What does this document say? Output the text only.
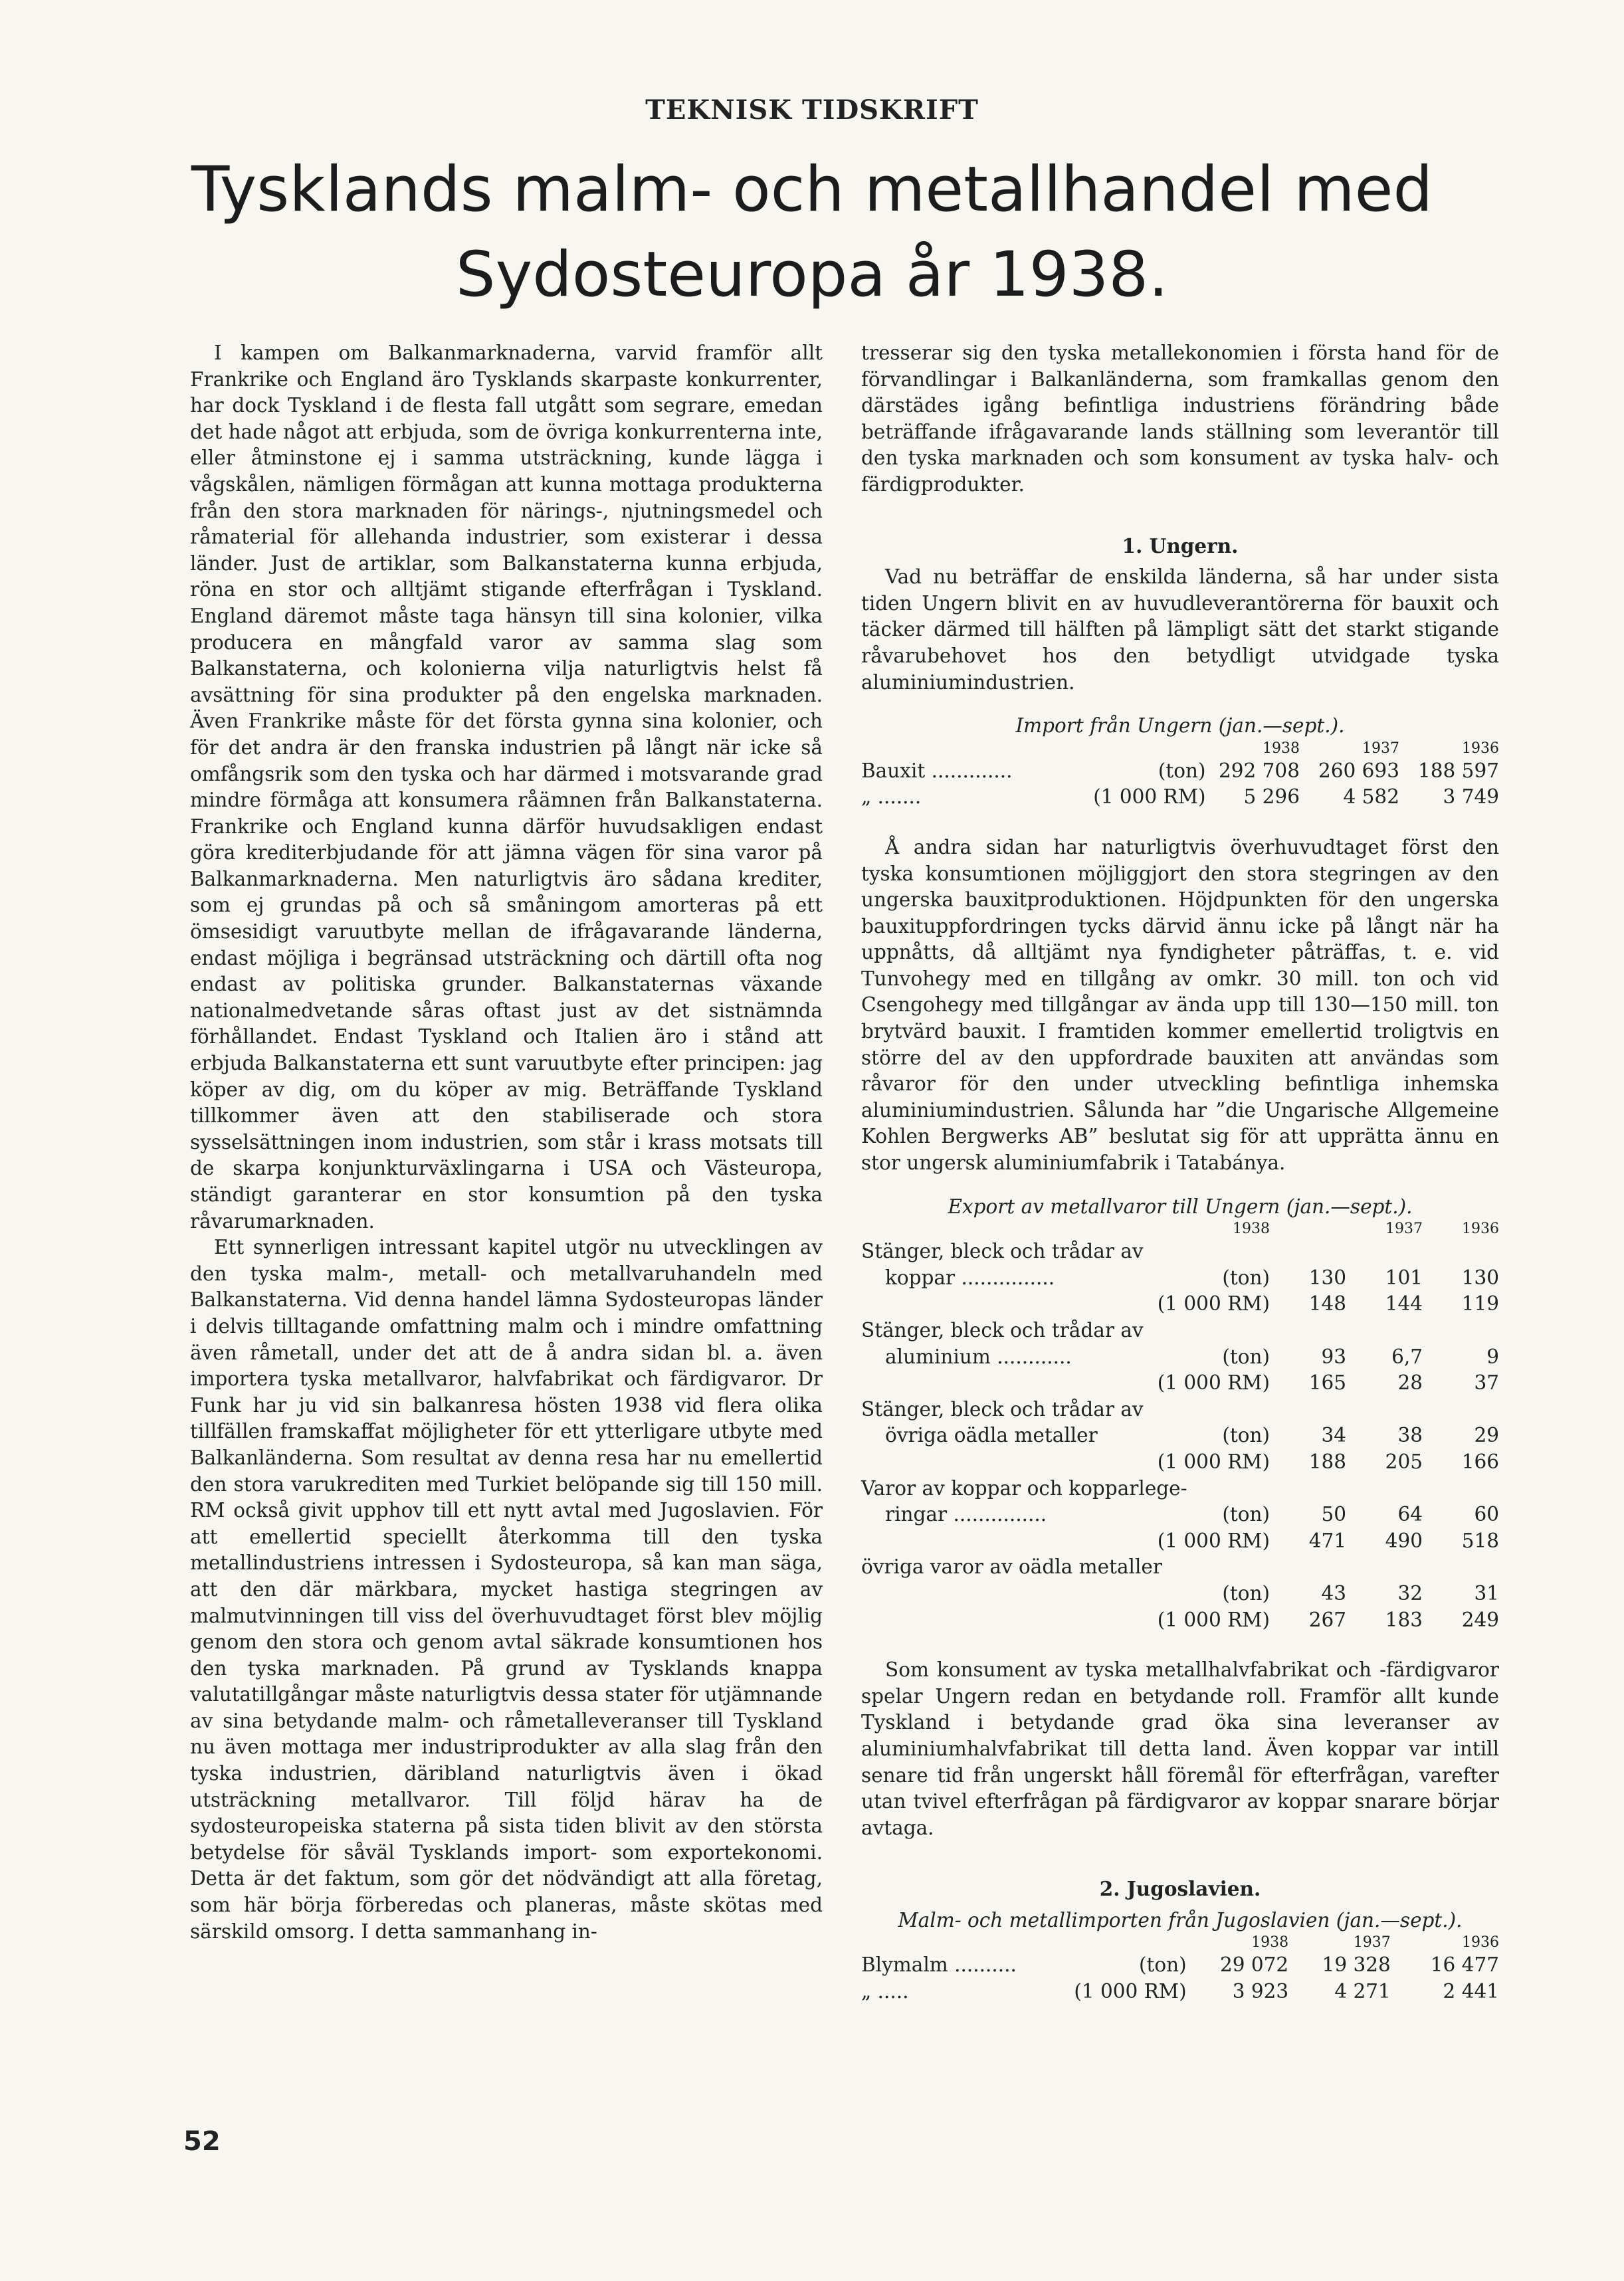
TEKNISK TIDSKRIFT
Tysklands malm- och metallhandel med
Sydosteuropa år 1938.

I kampen om Balkanmarknaderna, varvid framför allt Frankrike och England äro Tysklands skarpaste konkurrenter, har dock Tyskland i de flesta fall utgått som segrare, emedan det hade något att erbjuda, som de övriga konkurrenterna inte, eller åtminstone ej i samma utsträckning, kunde lägga i vågskålen, nämligen förmågan att kunna mottaga produkterna från den stora marknaden för närings-, njutningsmedel och råmaterial för allehanda industrier, som existerar i dessa länder. Just de artiklar, som Balkanstaterna kunna erbjuda, röna en stor och alltjämt stigande efterfrågan i Tyskland. England däremot måste taga hänsyn till sina kolonier, vilka producera en mångfald varor av samma slag som Balkanstaterna, och kolonierna vilja naturligtvis helst få avsättning för sina produkter på den engelska marknaden. Även Frankrike måste för det första gynna sina kolonier, och för det andra är den franska industrien på långt när icke så omfångsrik som den tyska och har därmed i motsvarande grad mindre förmåga att konsumera råämnen från Balkanstaterna. Frankrike och England kunna därför huvudsakligen endast göra krediterbjudande för att jämna vägen för sina varor på Balkanmarknaderna. Men naturligtvis äro sådana krediter, som ej grundas på och så småningom amorteras på ett ömsesidigt varuutbyte mellan de ifrågavarande länderna, endast möjliga i begränsad utsträckning och därtill ofta nog endast av politiska grunder. Balkanstaternas växande nationalmedvetande såras oftast just av det sistnämnda förhållandet. Endast Tyskland och Italien äro i stånd att erbjuda Balkanstaterna ett sunt varuutbyte efter principen: jag köper av dig, om du köper av mig. Beträffande Tyskland tillkommer även att den stabiliserade och stora sysselsättningen inom industrien, som står i krass motsats till de skarpa konjunkturväxlingarna i USA och Västeuropa, ständigt garanterar en stor konsumtion på den tyska råvarumarknaden.

Ett synnerligen intressant kapitel utgör nu utvecklingen av den tyska malm-, metall- och metallvaruhandeln med Balkanstaterna. Vid denna handel lämna Sydosteuropas länder i delvis tilltagande omfattning malm och i mindre omfattning även råmetall, under det att de å andra sidan bl. a. även importera tyska metallvaror, halvfabrikat och färdigvaror. Dr Funk har ju vid sin balkanresa hösten 1938 vid flera olika tillfällen framskaffat möjligheter för ett ytterligare utbyte med Balkanländerna. Som resultat av denna resa har nu emellertid den stora varukrediten med Turkiet belöpande sig till 150 mill. RM också givit upphov till ett nytt avtal med Jugoslavien. För att emellertid speciellt återkomma till den tyska metallindustriens intressen i Sydosteuropa, så kan man säga, att den där märkbara, mycket hastiga stegringen av malmutvinningen till viss del överhuvudtaget först blev möjlig genom den stora och genom avtal säkrade konsumtionen hos den tyska marknaden. På grund av Tysklands knappa valutatillgångar måste naturligtvis dessa stater för utjämnande av sina betydande malm- och råmetalleveranser till Tyskland nu även mottaga mer industriprodukter av alla slag från den tyska industrien, däribland naturligtvis även i ökad utsträckning metallvaror. Till följd härav ha de sydosteuropeiska staterna på sista tiden blivit av den största betydelse för såväl Tysklands import- som exportekonomi. Detta är det faktum, som gör det nödvändigt att alla företag, som här börja förberedas och planeras, måste skötas med särskild omsorg. I detta sammanhang in-

tresserar sig den tyska metallekonomien i första hand för de förvandlingar i Balkanländerna, som framkallas genom den därstädes igång befintliga industriens förändring både beträffande ifrågavarande lands ställning som leverantör till den tyska marknaden och som konsument av tyska halv- och färdigprodukter.

1. Ungern.

Vad nu beträffar de enskilda länderna, så har under sista tiden Ungern blivit en av huvudleverantörerna för bauxit och täcker därmed till hälften på lämpligt sätt det starkt stigande råvarubehovet hos den betydligt utvidgade tyska aluminiumindustrien.

Import från Ungern (jan.—sept.).
		1938	1937	1936
Bauxit .............	(ton)	292 708	260 693	188 597
„ .......	(1 000 RM)	5 296	4 582	3 749

Å andra sidan har naturligtvis överhuvudtaget först den tyska konsumtionen möjliggjort den stora stegringen av den ungerska bauxitproduktionen. Höjdpunkten för den ungerska bauxituppfordringen tycks därvid ännu icke på långt när ha uppnåtts, då alltjämt nya fyndigheter påträffas, t. e. vid Tunvohegy med en tillgång av omkr. 30 mill. ton och vid Csengohegy med tillgångar av ända upp till 130—150 mill. ton brytvärd bauxit. I framtiden kommer emellertid troligtvis en större del av den uppfordrade bauxiten att användas som råvaror för den under utveckling befintliga inhemska aluminiumindustrien. Sålunda har ”die Ungarische Allgemeine Kohlen Bergwerks AB” beslutat sig för att upprätta ännu en stor ungersk aluminiumfabrik i Tatabánya.

Export av metallvaror till Ungern (jan.—sept.).
	1938		1937	1936
Stänger, bleck och trådar av				
koppar ...............	(ton)	130	101	130
	(1 000 RM)	148	144	119
Stänger, bleck och trådar av				
aluminium ............	(ton)	93	6,7	9
	(1 000 RM)	165	28	37
Stänger, bleck och trådar av				
övriga oädla metaller	(ton)	34	38	29
	(1 000 RM)	188	205	166
Varor av koppar och kopparlege-				
ringar ...............	(ton)	50	64	60
	(1 000 RM)	471	490	518
övriga varor av oädla metaller				
	(ton)	43	32	31
	(1 000 RM)	267	183	249

Som konsument av tyska metallhalvfabrikat och -färdigvaror spelar Ungern redan en betydande roll. Framför allt kunde Tyskland i betydande grad öka sina leveranser av aluminiumhalvfabrikat till detta land. Även koppar var intill senare tid från ungerskt håll föremål för efterfrågan, varefter utan tvivel efterfrågan på färdigvaror av koppar snarare börjar avtaga.

2. Jugoslavien.
Malm- och metallimporten från Jugoslavien (jan.—sept.).
		1938	1937	1936
Blymalm ..........	(ton)	29 072	19 328	16 477
„ .....	(1 000 RM)	3 923	4 271	2 441
52
